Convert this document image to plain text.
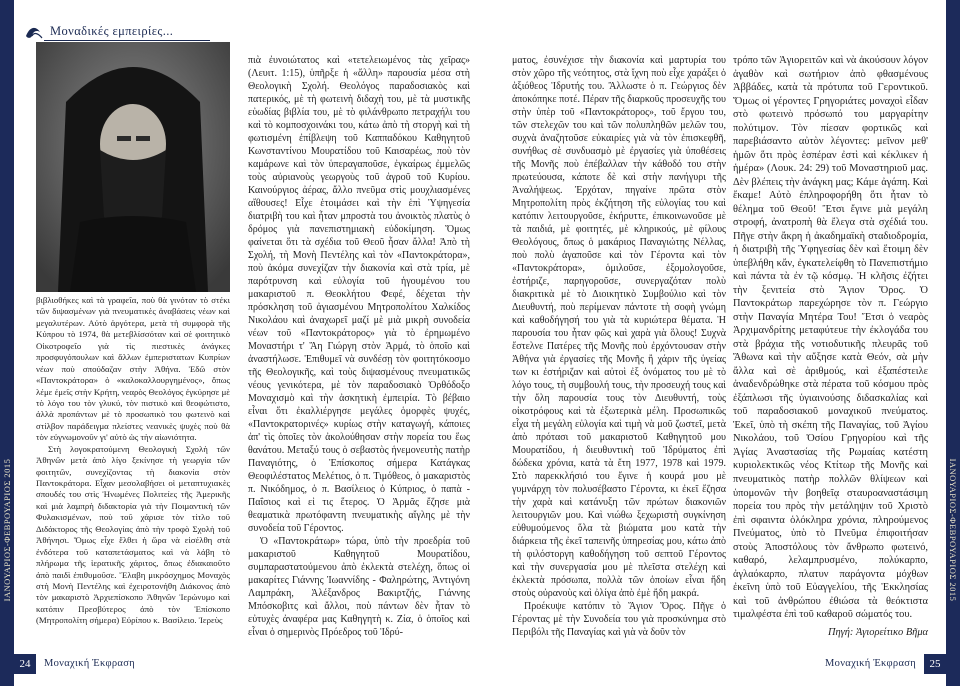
Μοναδικές εμπειρίες...
ΙΑΝΟΥΑΡΙΟΣ-ΦΕΒΡΟΥΑΡΙΟΣ 2015	ΙΑΝΟΥΑΡΙΟΣ-ΦΕΒΡΟΥΑΡΙΟΣ 2015

βιβλιοθήκες καὶ τὰ γραφεῖα, ποὺ θὰ γινόταν τὸ στέκι τῶν διψασμένων γιὰ πνευματικὲς ἀναβάσεις νέων καὶ μεγαλυτέρων. Αὐτὸ ἀργότερα, μετὰ τὴ συμφορὰ τῆς Κύπρου τὸ 1974, θὰ μετεβλίσσόταν καὶ σὲ φοιτητικὸ Οἰκοτροφεῖο γιὰ τὶς πιεστικὲς ἀνάγκες προσφυγόπουλων καὶ ἄλλων ἐμπεριστατων Κυπρίων νέων ποὺ σπούδαζαν στὴν Ἀθήνα. Ἐδῶ στὸν «Παντοκράτορα» ὁ «καλοκαλλουργημένος», ὅπως λέμε ἐμεῖς στὴν Κρήτη, νεαρὸς Θεολόγος ἐγκύρησε μὲ τὸ λόγο του τὸν γλυκύ, τὸν πιστικὸ καὶ θεοφώτιστο, ἀλλὰ προπάντων μὲ τὸ προσωπικὸ του φωτεινὸ καὶ στίλβον παράδειγμα πλείστες νεανικὲς ψυχὲς ποὺ θὰ τὸν εὐγνωμονοῦν γι' αὐτὸ ὡς τὴν αἰωνιότητα.

Στὴ λογοκρατούμενη Θεολογικὴ Σχολὴ τῶν Ἀθηνῶν μετὰ ἀπὸ λίγο ξεκίνησε τὴ γεωργία τῶν φοιτητῶν, συνεχίζοντας τὴ διακονία στὸν Παντοκράτορα. Εἶχαν μεσολαβήσει οἱ μεταπτυχιακὲς σπουδές του στὶς Ἡνωμένες Πολιτείες τῆς Ἀμερικῆς καὶ μιὰ λαμπρὴ διδακτορία γιὰ τὴν Ποιμαντικὴ τῶν Φυλακισμένων, ποὺ τοῦ χάρισε τὸν τίτλο τοῦ Διδάκτορος τῆς Θεολογίας ἀπὸ τὴν τροφὸ Σχολὴ τοῦ Ἀθήνησι. Ὅμως εἶχε ἔλθει ἡ ὥρα νὰ εἰσέλθη στὰ ἐνδότερα τοῦ καταπετάσματος καὶ νὰ λάβη τὸ πλήρωμα τῆς ἱερατικῆς χάριτος, ὅπως ἐδιακαιοῦτο ἀπὸ παιδὶ ἐπιθυμοῦσε. Ἔλαβη μικρόσχημος Μοναχὸς στὴ Μονὴ Πεντέλης καὶ ἐχειροτονήθη Διάκονος ἀπὸ τὸν μακαριστὸ Ἀρχιεπίσκοπο Ἀθηνῶν Ἱερώνυμο καὶ κατόπιν Πρεσβύτερος ἀπὸ τὸν Ἐπίσκοπο (Μητροπολίτη σήμερα) Εὐρίπου κ. Βασίλειο. Ἱερεὺς

πιὰ ἐυνοιώτατος καὶ «τετελειωμένος τὰς χεῖρας» (Λευιτ. 1:15), ὑπῆρξε ἡ «ἄλλη» παρουσία μέσα στὴ Θεολογικὴ Σχολή. Θεολόγος παραδοσιακὸς καὶ πατερικός, μὲ τὴ φωτεινὴ διδαχὴ του, μὲ τὰ μυστικῆς εὐωδίας βιβλία του, μὲ τὸ φιλάνθρωπο πετραχήλι του καὶ τὸ κομποσχοινάκι του, κάτω ἀπὸ τὴ στοργὴ καὶ τὴ φωτισμένη ἐπίβλεψη τοῦ Καππαδόκου Καθηγητοῦ Κωνσταντίνου Μουρατίδου τοῦ Καισαρέως, ποὺ τὸν καμάρωνε καὶ τὸν ὑπεραγαποῦσε, ἐγκαίρως ἐμμελῶς τοὺς αὐριανοὺς γεωργοὺς τοῦ ἀγροῦ τοῦ Κυρίου. Καινούργιος ἀέρας, ἄλλο πνεῦμα στὶς μουχλιασμένες αἴθουσες! Εἶχε ἑτοιμάσει καὶ τὴν ἑπὶ Ὑψηγεσία διατριβὴ του καὶ ἦταν μπροστὰ του ἀνοικτὸς πλατὺς ὁ δρόμος γιὰ πανεπιστημιακὴ εὐδοκίμηση. Ὅμως φαίνεται ὅτι τὰ σχέδια τοῦ Θεοῦ ἦσαν ἄλλα! Ἀπὸ τὴ Σχολή, τὴ Μονὴ Πεντέλης καὶ τὸν «Παντοκράτορα», ποὺ ἀκόμα συνεχίζαν τὴν διακονία καὶ στὰ τρία, μὲ παρότρυνση καὶ εὐλογία τοῦ ἡγουμένου του μακαριστοῦ π. Θεοκλήτου Φεφέ, δέχεται τὴν πρόσκληση τοῦ ἀγιασμένου Μητροπολίτου Χαλκίδος Νικολάου καὶ ἀναχωρεῖ μαζί μὲ μιὰ μικρὴ συνοδεία νέων τοῦ «Παντοκράτορος» γιὰ τὸ ἐρημωμένο Μοναστήρι τ' Ἅη Γιώργη στὸν Ἀρμά, τὸ ὁποῖο καὶ ἀναστήλωσε. Ἐπιθυμεῖ νὰ συνδέσῃ τὸν φοιτητόκοσμο τῆς Θεολογικῆς, καὶ τοὺς διψασμένους πνευματικῶς νέους γενικότερα, μὲ τὸν παραδοσιακὸ Ὀρθόδοξο Μοναχισμὸ καὶ τὴν ἀσκητικὴ ἐμπειρία. Τὸ βέβαιο εἶναι ὅτι ἐκαλλιέργησε μεγάλες ὁμορφὲς ψυχές, «Παντοκρατορινές» κυρίως στὴν καταγωγή, κάποιες ἀπ' τὶς ὁποῖες τὸν ἀκολούθησαν στὴν πορεία του ἕως θανάτου. Μεταξύ τους ὁ σεβαστὸς ἡνεμονευτὴς πατὴρ Παναγιότης, ὁ Ἐπίσκοπος σήμερα Κατάγκας Θεοφιλέστατος Μελέτιος, ὁ π. Τιμόθεος, ὁ μακαριστὸς π. Νικόδημος, ὁ π. Βασίλειος ὁ Κύπριος, ὁ παπὰ - Παΐσιος καὶ εἰ τις ἕτερος. Ὁ Ἀρμᾶς ἔζησε μιὰ θεαματικὰ πρωτόφαντη πνευματικὴς αἴγλης μὲ τὴν συνοδεία τοῦ Γέροντος.

Ὁ «Παντοκράτωρ» τώρα, ὑπὸ τὴν προεδρία τοῦ μακαριστοῦ Καθηγητοῦ Μουρατίδου, συμπαραστατούμενου ἀπὸ ἐκλεκτὰ στελέχη, ὅπως οἱ μακαρίτες Γιάννης Ἰωαννίδης - Φαληρώτης, Ἀντιγόνη Λαμπράκη, Ἀλέξανδρος Βακιρτζής, Γιάννης Μπόσκοβιτς καὶ ἄλλοι, ποὺ πάντων δὲν ἦταν τὸ εὐτυχὲς ἀναφέρα μας Καθηγητὴ κ. Ζία, ὁ ὁποῖος καὶ εἶναι ὁ σημερινὸς Πρόεδρος τοῦ Ἱδρύ-

ματος, ἐσυνέχισε τὴν διακονία καὶ μαρτυρία του στὸν χῶρο τῆς νεότητος, στὰ ἴχνη ποὺ εἶχε χαράξει ὁ ἀξιόθεος Ἱδρυτής του. Ἄλλωστε ὁ π. Γεώργιος δὲν ἀποκόπηκε ποτέ. Πέραν τῆς διαρκοῦς προσευχῆς του στὴν ὑπὲρ τοῦ «Παντοκράτορος», τοῦ ἔργου του, τῶν στελεχῶν του καὶ τῶν πολυπληθῶν μελῶν του, συχνὰ ἀναζητοῦσε εὐκαιρίες γιὰ νὰ τὸν ἐπισκεφθῆ, συνήθως σὲ συνδυασμὸ μὲ ἐργασίες γιὰ ὑποθέσεις τῆς Μονῆς ποὺ ἐπέβαλλαν τὴν κάθοδό του στὴν πρωτεύουσα, κάποτε δὲ καὶ στὴν πανήγυρι τῆς Ἀναλήψεως. Ἐρχόταν, πηγαίνε πρῶτα στὸν Μητροπολίτη πρὸς ἐκζήτηση τῆς εὐλογίας του καὶ κατόπιν λειτουργοῦσε, ἐκήρυττε, ἐπικοινωνοῦσε μὲ τὰ παιδιά, μὲ φοιτητές, μὲ κληρικούς, μὲ φίλους Θεολόγους, ὅπως ὁ μακάριος Παναγιώτης Νέλλας, ποὺ πολὺ ἀγαποῦσε καὶ τὸν Γέροντα καὶ τὸν «Παντοκράτορα», ὁμιλοῦσε, ἐξομολογοῦσε, ἐστήριζε, παρηγοροῦσε, συνεργαζόταν πολὺ διακριτικὰ μὲ τὸ Διοικητικὸ Συμβούλιο καὶ τὸν Διευθυντή, ποὺ περίμεναν πάντοτε τὴ σοφὴ γνώμη καὶ καθοδήγησή του γιὰ τὰ κυριώτερα θέματα. Ἡ παρουσία του ἦταν φῶς καὶ χαρὰ γιὰ ὅλους! Συχνὰ ἔστελνε Πατέρες τῆς Μονῆς ποὺ ἐρχόντουσαν στὴν Ἀθήνα γιὰ ἐργασίες τῆς Μονῆς ἢ χάριν τῆς ὑγείας των κι ἐστήριζαν καὶ αὐτοὶ ἐξ ὀνόματος του μὲ τὸ λόγο τους, τὴ συμβουλή τους, τὴν προσευχή τους καὶ τὴν ὅλη παρουσία τους τὸν Διευθυντή, τοὺς οἰκοτρόφους καὶ τὰ ἐξωτερικὰ μέλη. Προσωπικῶς εἶχα τὴ μεγάλη εὐλογία καὶ τιμὴ νὰ μοῦ ζωστεῖ, μετὰ ἀπὸ πρότασι τοῦ μακαριστοῦ Καθηγητοῦ μου Μουρατίδου, ἡ διευθυντικὴ τοῦ Ἱδρύματος ἐπὶ δώδεκα χρόνια, κατὰ τὰ ἔτη 1977, 1978 καὶ 1979. Στὸ παρεκκλήσιό του ἔγινε ἡ κουρά μου μὲ γυμνάρχη τὸν πολυσέβαστο Γέροντα, κι ἐκεῖ ἔζησα τὴν χαρὰ καὶ κατάνυξη τῶν πρώτων διακονιῶν λειτουργιῶν μου. Καὶ νιώθω ξεχωριστὴ συγκίνηση εὐθυμούμενος ὅλα τὰ βιώματα μου κατὰ τὴν διάρκεια τῆς ἐκεῖ ταπεινῆς ὑπηρεσίας μου, κάτω ἀπὸ τὴ φιλόστοργη καθοδήγηση τοῦ σεπτοῦ Γέροντος καὶ τὴν συνεργασία μου μὲ πλεῖστα στελέχη καὶ ἐκλεκτὰ πρόσωπα, πολλὰ τῶν ὁποίων εἶναι ἤδη στοὺς οὐρανοὺς καὶ ὀλίγα ἀπὸ ἐμὲ ἤδη μακρά.

Προέκυψε κατόπιν τὸ Ἅγιον Ὄρος. Πῆγε ὁ Γέροντας μὲ τὴν Συνοδεία του γιὰ προσκύνημα στὸ Περιβόλι τῆς Παναγίας καὶ γιὰ νὰ δοῦν τὸν

τρόπο τῶν Ἁγιορειτῶν καὶ νὰ ἀκούσουν λόγον ἀγαθὸν καὶ σωτήριον ἀπὸ φθασμένους Ἀββάδες, κατὰ τὰ πρότυπα τοῦ Γεροντικοῦ. Ὅμως οἱ γέροντες Γρηγοριάτες μοναχοὶ εἶδαν στὸ φωτεινὸ πρόσωπό του μαργαρίτην πολύτιμον. Τὸν πίεσαν φορτικῶς καὶ παρεβιάσαντο αὐτὸν λέγοντες: μεῖνον μεθ' ἡμῶν ὅτι πρὸς ἑσπέραν ἐστὶ καὶ κέκλικεν ἡ ἡμέρα» (Λουκ. 24: 29) τοῦ Μοναστηριοῦ μας. Δὲν βλέπεις τὴν ἀνάγκη μας; Κάμε ἀγάπη. Καὶ ἔκαμε! Αὐτὸ ἐπληροφορήθη ὅτι ἦταν τὸ θέλημα τοῦ Θεοῦ! Ἔτσι ἔγινε μιὰ μεγάλη στροφή, ἀνατροπὴ θὰ ἔλεγα στὰ σχέδιά του. Πῆγε στὴν ἄκρη ἡ ἀκαδημαϊκὴ σταδιοδρομία, ἡ διατριβὴ τῆς Ὑφηγεσίας δὲν καὶ ἕτοιμη δὲν ὑπεβλήθη κἄν, ἐγκατελείφθη τὸ Πανεπιστήμιο καὶ πάντα τὰ ἐν τῷ κόσμῳ. Ἡ κλῆσις ἐζήτει τὴν ξενιτεία στὸ Ἅγιον Ὄρος. Ὁ Παντοκράτωρ παρεχώρησε τὸν π. Γεώργιο στὴν Παναγία Μητέρα Του! Ἔτσι ὁ νεαρὸς Ἀρχιμανδρίτης μεταφύτευε τὴν ἐκλογάδα του στὰ βράχια τῆς νοτιοδυτικῆς πλευρᾶς τοῦ Ἄθωνα καὶ τὴν αὔξησε κατὰ Θεόν, σὰ μὴν ἄλλα καὶ σὲ ἀριθμούς, καὶ ἐξαπέστειλε ἀναδενδρώθηκε στὰ πέρατα τοῦ κόσμου πρὸς ἐξάπλωσι τῆς ὑγιαινούσης διδασκαλίας καὶ τοῦ παραδοσιακοῦ μοναχικοῦ πνεύματος. Ἐκεῖ, ὑπὸ τὴ σκέπη τῆς Παναγίας, τοῦ Ἁγίου Νικολάου, τοῦ Ὁσίου Γρηγορίου καὶ τῆς Ἁγίας Ἀναστασίας τῆς Ρωμαίας κατέστη κυριολεκτικῶς νέος Κτίτωρ τῆς Μονῆς καὶ πνευματικὸς πατὴρ πολλῶν θλίψεων καὶ ὑπομονῶν τὴν βοηθεῖᾳ σταυροαναστάσιμη πορεία του πρὸς τὴν μετάληψιν τοῦ Χριστὸ ἐπὶ σφαιντα ὁλόκληρα χρόνια, πληρούμενος Πνεύματος, ὑπὸ τὸ Πνεῦμα ἐπιφοιτήσαν στοὺς Ἀποστόλους τὸν ἄνθρωπο φωτεινό, καθαρό, λελαμπρυσμένο, πολύκαρπο, ἀγλαόκαρπο, πλατυν παράγοντα μόχθων ἐκεῖνη ὑπὸ τοῦ Εὐαγγελίου, τῆς Ἐκκλησίας καὶ τοῦ ἀνθρώπου ἐθιώσα τὰ θεόκτιστα τιμαλφέστα ἐπὶ τοῦ καθαροῦ σώματός του.

Πηγή: Ἁγιορείτικο Βῆμα

24	Μοναχική Έκφραση	Μοναχική Έκφραση	25
